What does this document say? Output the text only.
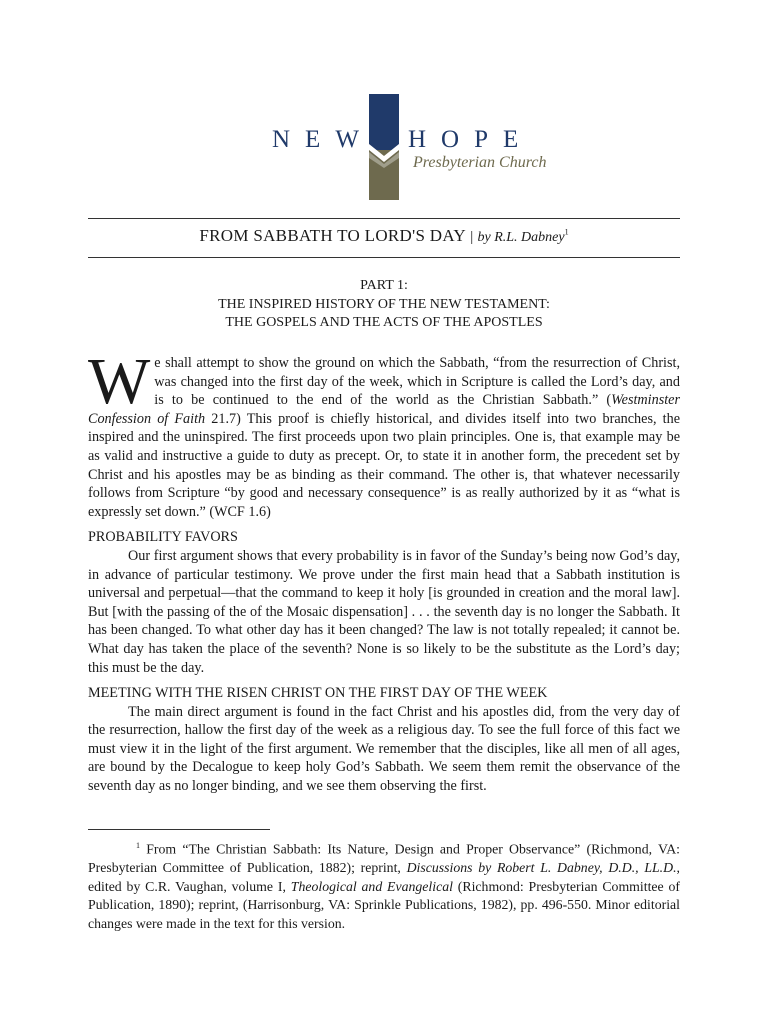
NEW HOPE
Presbyterian Church
FROM SABBATH TO LORD'S DAY | by R.L. Dabney$^1$
PART 1:
THE INSPIRED HISTORY OF THE NEW TESTAMENT:
THE GOSPELS AND THE ACTS OF THE APOSTLES

We shall attempt to show the ground on which the Sabbath, “from the resurrection of Christ, was changed into the first day of the week, which in Scripture is called the Lord’s day, and is to be continued to the end of the world as the Christian Sabbath.” (Westminster Confession of Faith 21.7) This proof is chiefly historical, and divides itself into two branches, the inspired and the uninspired. The first proceeds upon two plain principles. One is, that example may be as valid and instructive a guide to duty as precept. Or, to state it in another form, the precedent set by Christ and his apostles may be as binding as their command. The other is, that whatever necessarily follows from Scripture “by good and necessary consequence” is as really authorized by it as “what is expressly set down.” (WCF 1.6)

PROBABILITY FAVORS

Our first argument shows that every probability is in favor of the Sunday’s being now God’s day, in advance of particular testimony. We prove under the first main head that a Sabbath institution is universal and perpetual—that the command to keep it holy [is grounded in creation and the moral law]. But [with the passing of the of the Mosaic dispensation] . . . the seventh day is no longer the Sabbath. It has been changed. To what other day has it been changed? The law is not totally repealed; it cannot be. What day has taken the place of the seventh? None is so likely to be the substitute as the Lord’s day; this must be the day.

MEETING WITH THE RISEN CHRIST ON THE FIRST DAY OF THE WEEK

The main direct argument is found in the fact Christ and his apostles did, from the very day of the resurrection, hallow the first day of the week as a religious day. To see the full force of this fact we must view it in the light of the first argument. We remember that the disciples, like all men of all ages, are bound by the Decalogue to keep holy God’s Sabbath. We seem them remit the observance of the seventh day as no longer binding, and we see them observing the first.

$^1$ From “The Christian Sabbath: Its Nature, Design and Proper Observance” (Richmond, VA: Presbyterian Committee of Publication, 1882); reprint, Discussions by Robert L. Dabney, D.D., LL.D., edited by C.R. Vaughan, volume I, Theological and Evangelical (Richmond: Presbyterian Committee of Publication, 1890); reprint, (Harrisonburg, VA: Sprinkle Publications, 1982), pp. 496-550. Minor editorial changes were made in the text for this version.
